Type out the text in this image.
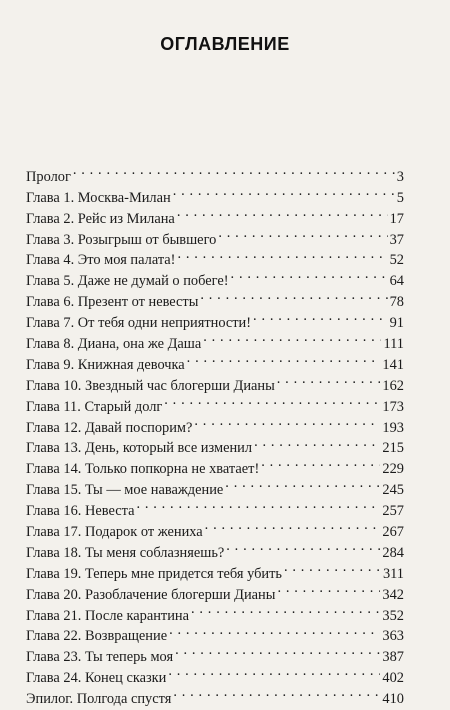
ОГЛАВЛЕНИЕ
Пролог . . .	3
Глава 1. Москва-Милан . . .	5
Глава 2. Рейс из Милана . . .	17
Глава 3. Розыгрыш от бывшего . . .	37
Глава 4. Это моя палата! . . .	52
Глава 5. Даже не думай о побеге! . . .	64
Глава 6. Презент от невесты . . .	78
Глава 7. От тебя одни неприятности! . . .	91
Глава 8. Диана, она же Даша . . .	111
Глава 9. Книжная девочка . . .	141
Глава 10. Звездный час блогерши Дианы . . .	162
Глава 11. Старый долг . . .	173
Глава 12. Давай поспорим? . . .	193
Глава 13. День, который все изменил . . .	215
Глава 14. Только попкорна не хватает! . . .	229
Глава 15. Ты — мое наваждение . . .	245
Глава 16. Невеста . . .	257
Глава 17. Подарок от жениха . . .	267
Глава 18. Ты меня соблазняешь? . . .	284
Глава 19. Теперь мне придется тебя убить . . .	311
Глава 20. Разоблачение блогерши Дианы . . .	342
Глава 21. После карантина . . .	352
Глава 22. Возвращение . . .	363
Глава 23. Ты теперь моя . . .	387
Глава 24. Конец сказки . . .	402
Эпилог. Полгода спустя . . .	410
